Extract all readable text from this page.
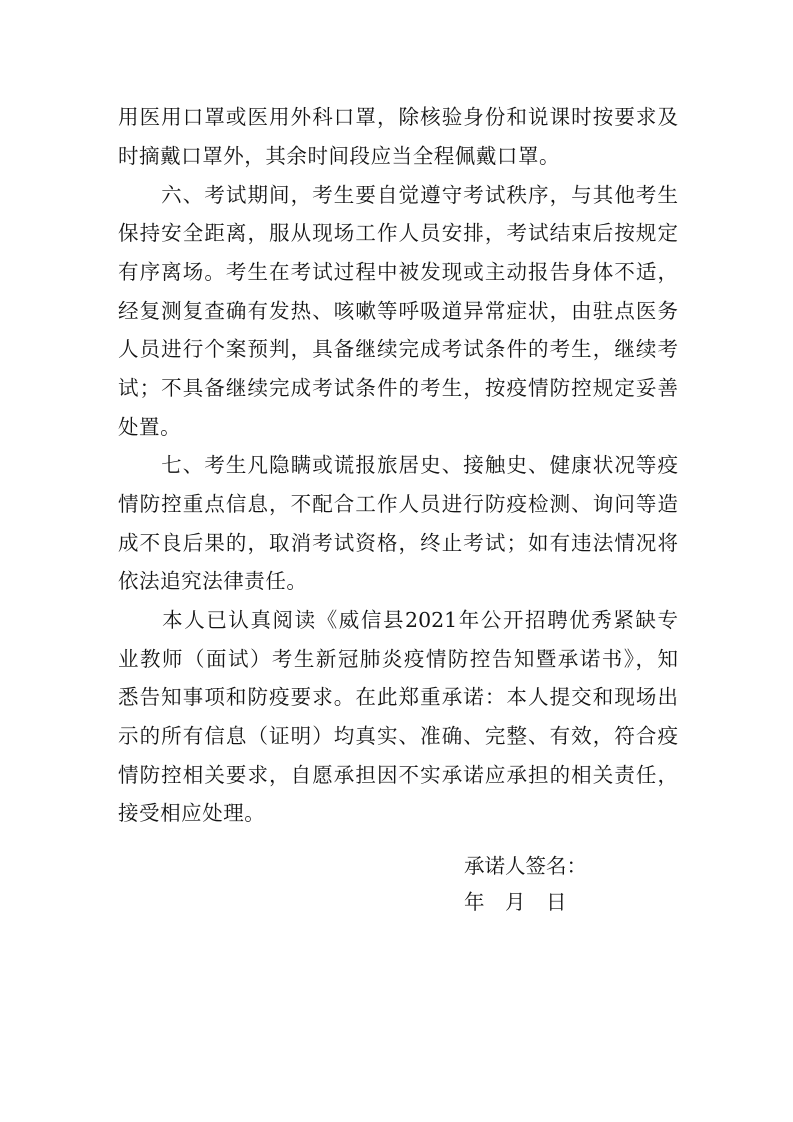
用医用口罩或医用外科口罩，除核验身份和说课时按要求及
时摘戴口罩外，其余时间段应当全程佩戴口罩。
　　六、考试期间，考生要自觉遵守考试秩序，与其他考生
保持安全距离，服从现场工作人员安排，考试结束后按规定
有序离场。考生在考试过程中被发现或主动报告身体不适，
经复测复查确有发热、咳嗽等呼吸道异常症状，由驻点医务
人员进行个案预判，具备继续完成考试条件的考生，继续考
试；不具备继续完成考试条件的考生，按疫情防控规定妥善
处置。
　　七、考生凡隐瞒或谎报旅居史、接触史、健康状况等疫
情防控重点信息，不配合工作人员进行防疫检测、询问等造
成不良后果的，取消考试资格，终止考试；如有违法情况将
依法追究法律责任。
　　本人已认真阅读《威信县2021年公开招聘优秀紧缺专
业教师（面试）考生新冠肺炎疫情防控告知暨承诺书》，知
悉告知事项和防疫要求。在此郑重承诺：本人提交和现场出
示的所有信息（证明）均真实、准确、完整、有效，符合疫
情防控相关要求，自愿承担因不实承诺应承担的相关责任，
接受相应处理。
承诺人签名：
年　月　日
